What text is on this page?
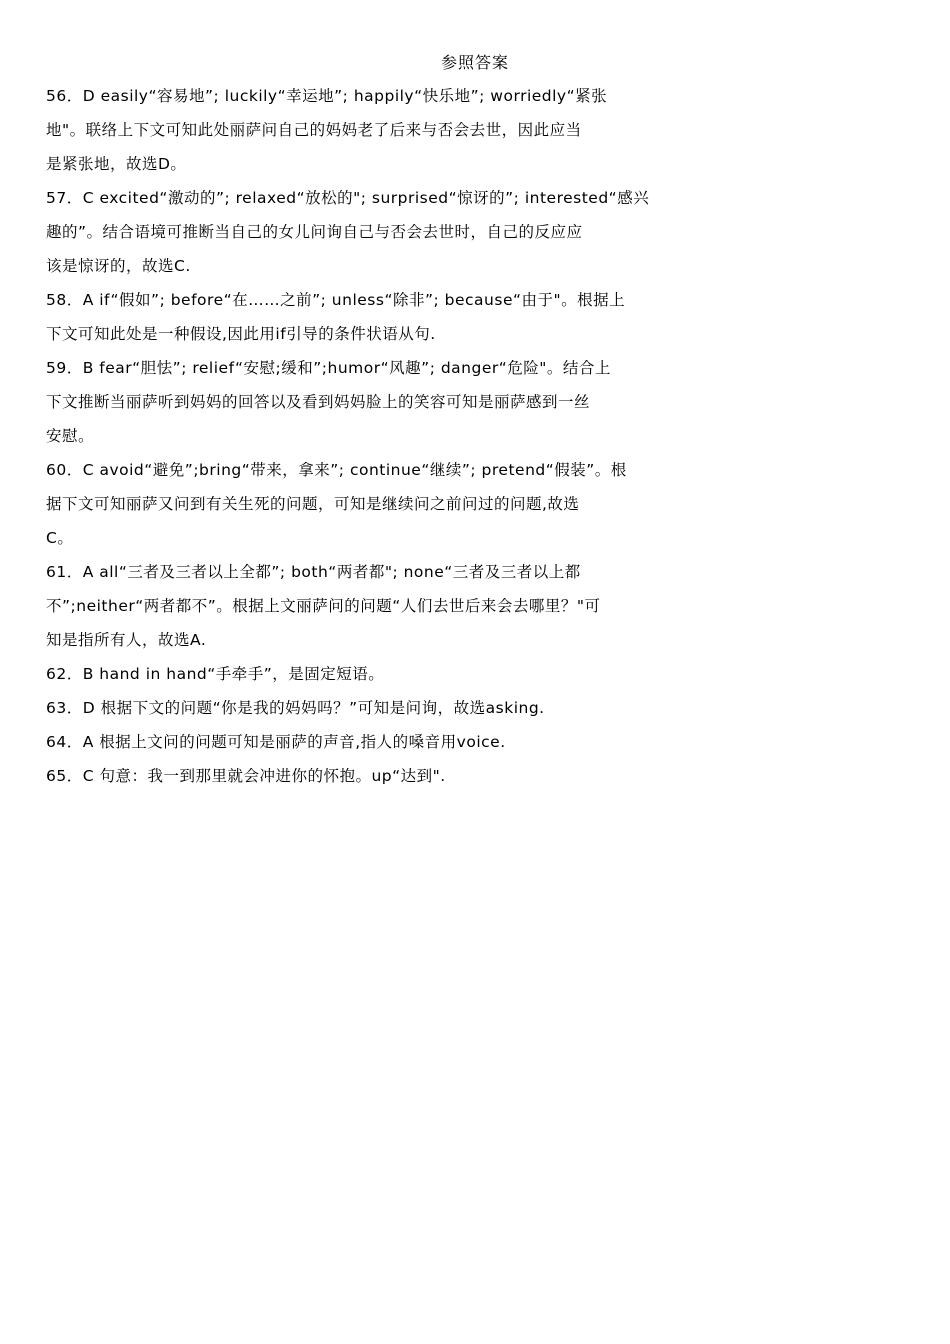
参照答案
56．D easily“容易地”; luckily“幸运地”; happily“快乐地”; worriedly“紧张
地"。联络上下文可知此处丽萨问自己的妈妈老了后来与否会去世，因此应当
是紧张地，故选D。
57．C excited“激动的”; relaxed“放松的"; surprised“惊讶的”; interested“感兴
趣的”。结合语境可推断当自己的女儿问询自己与否会去世时，自己的反应应
该是惊讶的，故选C.
58．A if“假如”; before“在……之前”; unless“除非”; because“由于"。根据上
下文可知此处是一种假设,因此用if引导的条件状语从句.
59．B fear“胆怯”; relief“安慰;缓和”;humor“风趣”; danger“危险"。结合上
下文推断当丽萨听到妈妈的回答以及看到妈妈脸上的笑容可知是丽萨感到一丝
安慰。
60．C avoid“避免”;bring“带来，拿来”; continue“继续”; pretend“假装”。根
据下文可知丽萨又问到有关生死的问题，可知是继续问之前问过的问题,故选
C。
61．A all“三者及三者以上全都”; both“两者都"; none“三者及三者以上都
不”;neither“两者都不”。根据上文丽萨问的问题“人们去世后来会去哪里？"可
知是指所有人，故选A.
62．B hand in hand“手牵手”，是固定短语。
63．D 根据下文的问题“你是我的妈妈吗？”可知是问询，故选asking.
64．A 根据上文问的问题可知是丽萨的声音,指人的嗓音用voice.
65．C 句意：我一到那里就会冲进你的怀抱。up“达到".
